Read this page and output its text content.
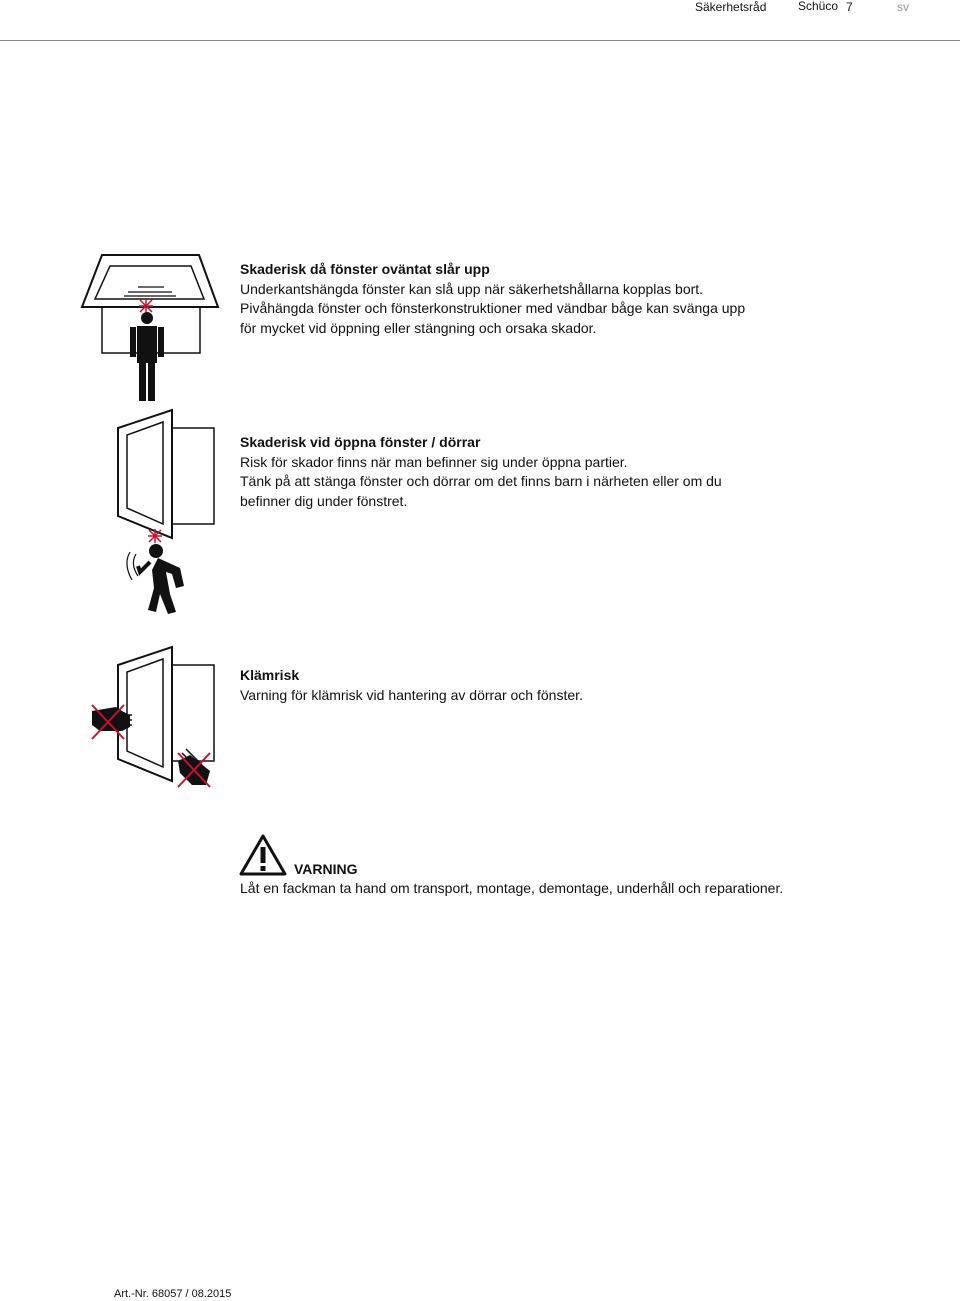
Säkerhetsråd	Schüco 7	sv
Skaderisk då fönster oväntat slår upp
Underkantshängda fönster kan slå upp när säkerhetshållarna kopplas bort.
Pivåhängda fönster och fönsterkonstruktioner med vändbar båge kan svänga upp
för mycket vid öppning eller stängning och orsaka skador.
Skaderisk vid öppna fönster / dörrar
Risk för skador finns när man befinner sig under öppna partier.
Tänk på att stänga fönster och dörrar om det finns barn i närheten eller om du
befinner dig under fönstret.
Klämrisk
Varning för klämrisk vid hantering av dörrar och fönster.
VARNING
Låt en fackman ta hand om transport, montage, demontage, underhåll och reparationer.
Art.-Nr. 68057 / 08.2015
